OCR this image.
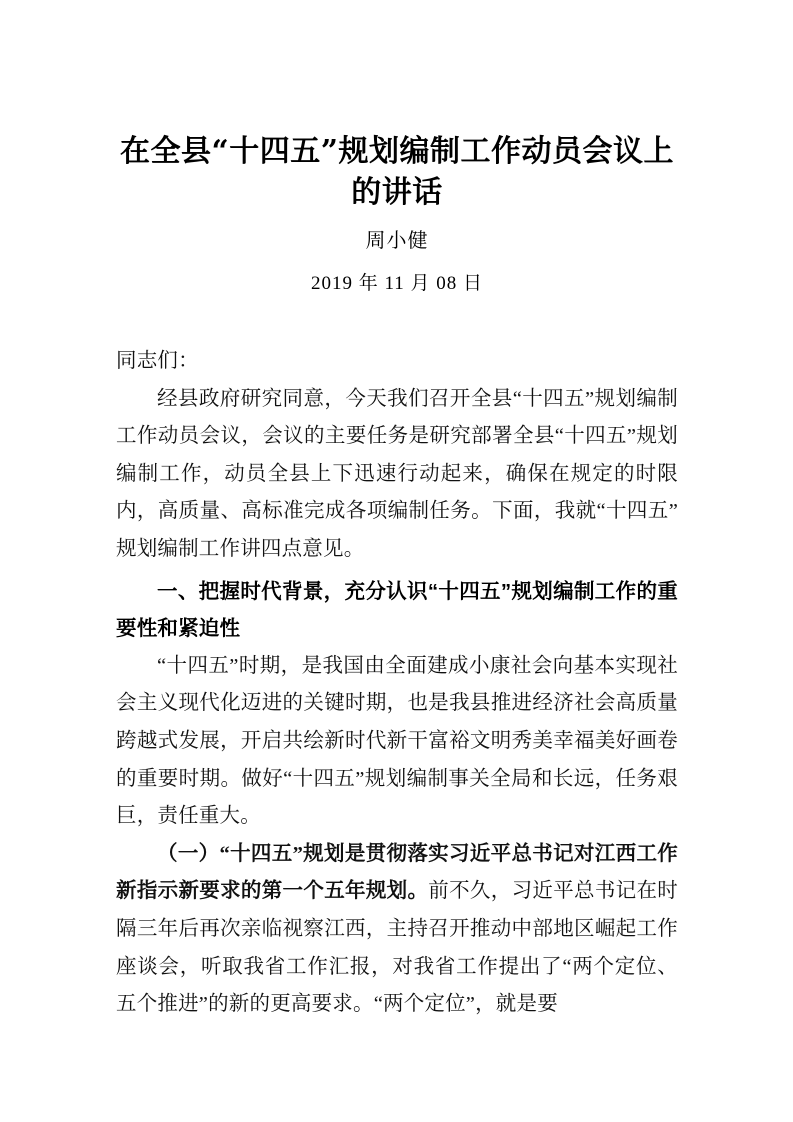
在全县“十四五”规划编制工作动员会议上的讲话

周小健

2019 年 11 月 08 日

同志们：

经县政府研究同意，今天我们召开全县“十四五”规划编制工作动员会议，会议的主要任务是研究部署全县“十四五”规划编制工作，动员全县上下迅速行动起来，确保在规定的时限内，高质量、高标准完成各项编制任务。下面，我就“十四五”规划编制工作讲四点意见。

一、把握时代背景，充分认识“十四五”规划编制工作的重要性和紧迫性

“十四五”时期，是我国由全面建成小康社会向基本实现社会主义现代化迈进的关键时期，也是我县推进经济社会高质量跨越式发展，开启共绘新时代新干富裕文明秀美幸福美好画卷的重要时期。做好“十四五”规划编制事关全局和长远，任务艰巨，责任重大。

（一）“十四五”规划是贯彻落实习近平总书记对江西工作新指示新要求的第一个五年规划。前不久，习近平总书记在时隔三年后再次亲临视察江西，主持召开推动中部地区崛起工作座谈会，听取我省工作汇报，对我省工作提出了“两个定位、五个推进”的新的更高要求。“两个定位”，就是要
